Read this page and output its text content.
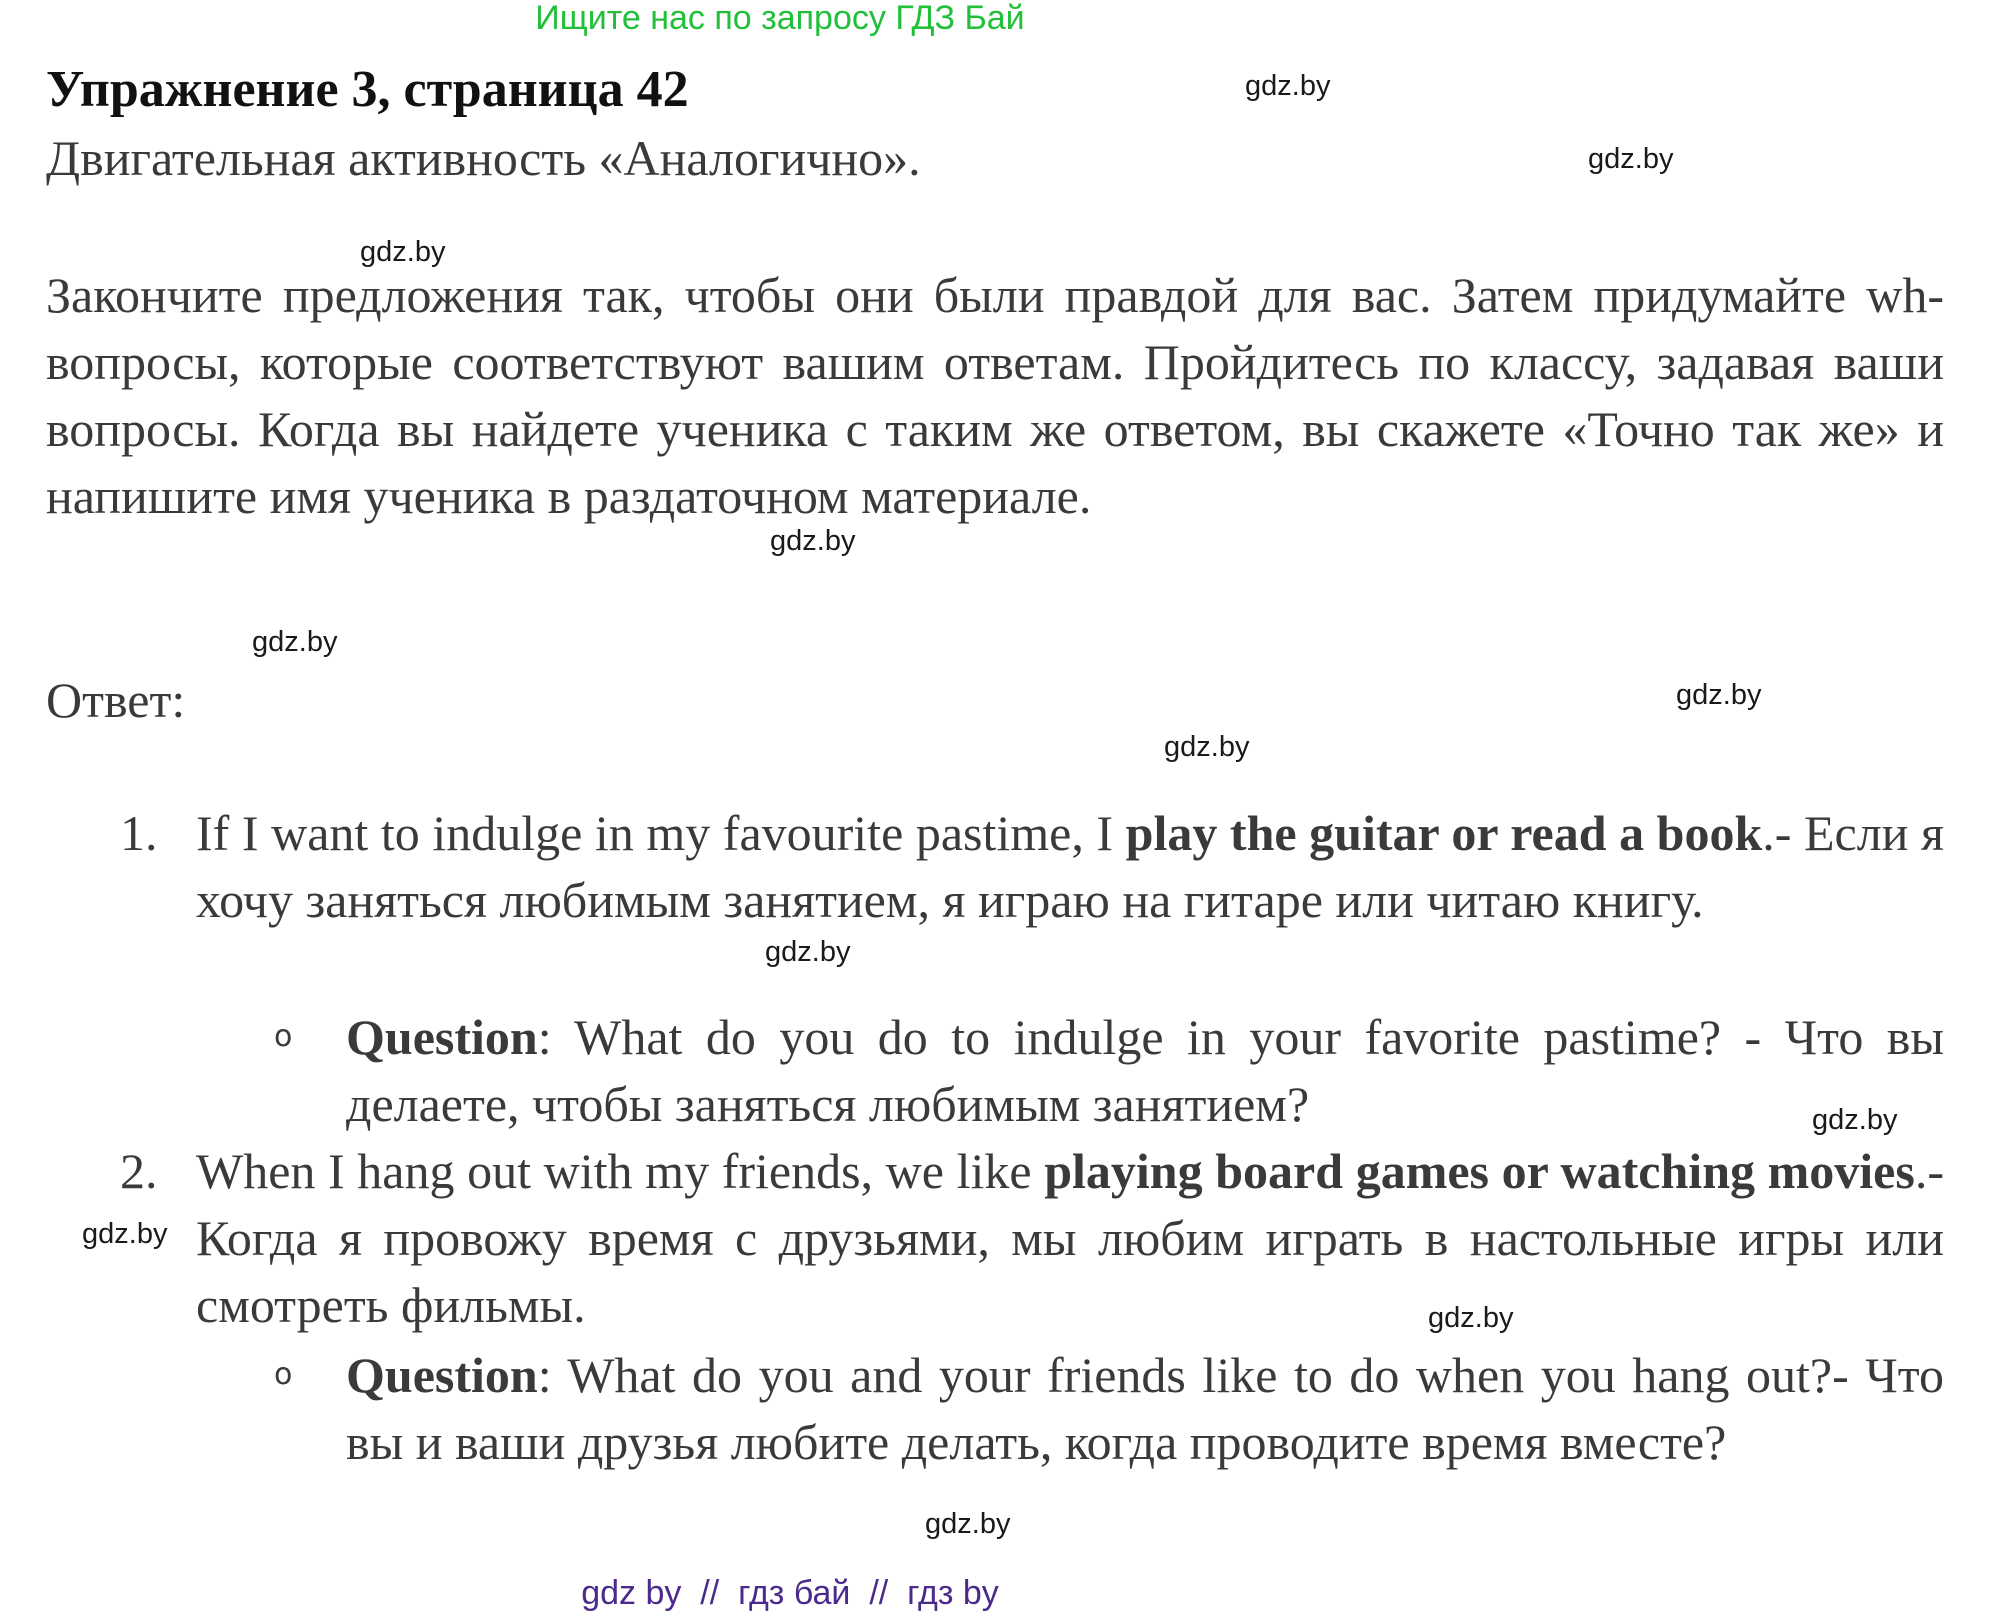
Ищите нас по запросу ГДЗ Бай
Упражнение 3, страница 42
Двигательная активность «Аналогично».
Закончите предложения так, чтобы они были правдой для вас. Затем придумайте wh-вопросы, которые соответствуют вашим ответам. Пройдитесь по классу, задавая ваши вопросы. Когда вы найдете ученика с таким же ответом, вы скажете «Точно так же» и напишите имя ученика в раздаточном материале.
Ответ:
1. If I want to indulge in my favourite pastime, I play the guitar or read a book.- Если я хочу заняться любимым занятием, я играю на гитаре или читаю книгу.
o Question: What do you do to indulge in your favorite pastime? - Что вы делаете, чтобы заняться любимым занятием?
2. When I hang out with my friends, we like playing board games or watching movies.- Когда я провожу время с друзьями, мы любим играть в настольные игры или смотреть фильмы.
o Question: What do you and your friends like to do when you hang out?- Что вы и ваши друзья любите делать, когда проводите время вместе?
gdz.by
gdz.by
gdz.by
gdz.by
gdz.by
gdz.by
gdz.by
gdz.by
gdz.by
gdz.by
gdz.by
gdz.by
gdz by  //  гдз бай  //  гдз by
